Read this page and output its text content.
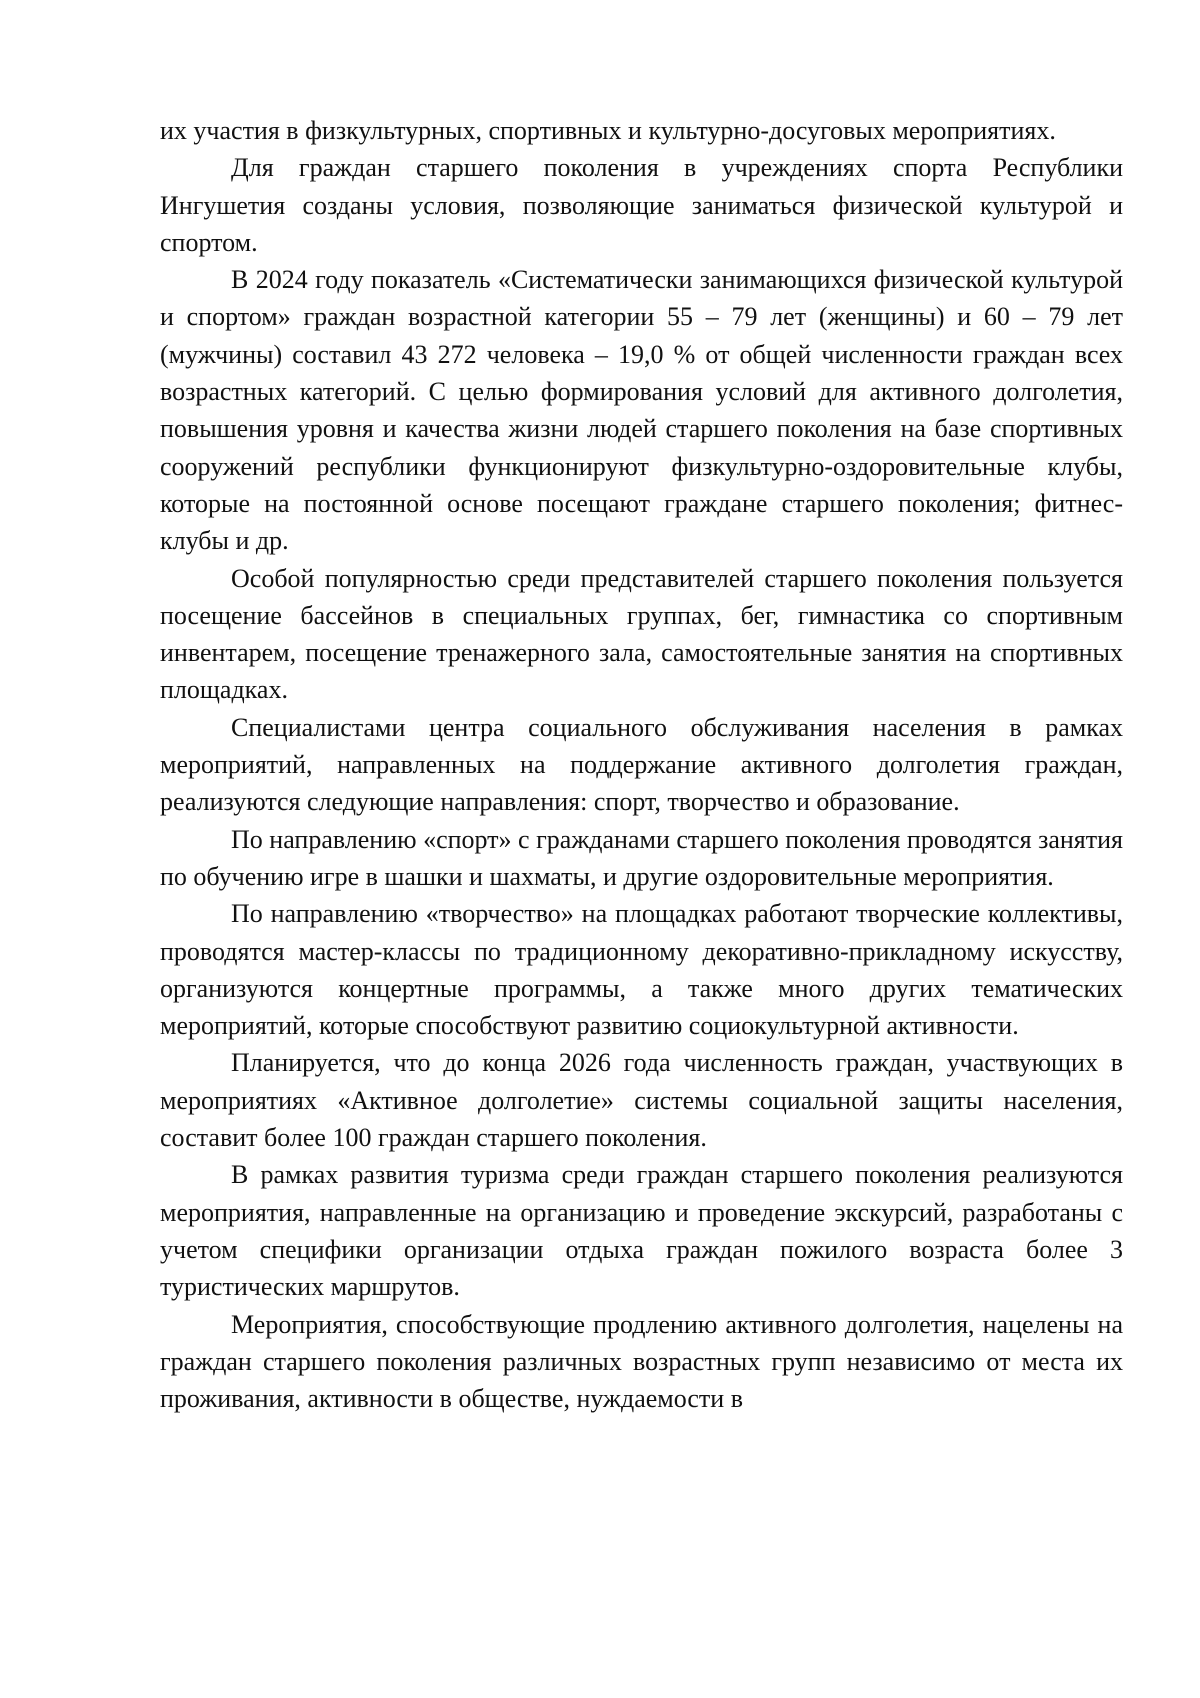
их участия в физкультурных, спортивных и культурно-досуговых мероприятиях.

Для граждан старшего поколения в учреждениях спорта Республики Ингушетия созданы условия, позволяющие заниматься физической культурой и спортом.

В 2024 году показатель «Систематически занимающихся физической культурой и спортом» граждан возрастной категории 55 – 79 лет (женщины) и 60 – 79 лет (мужчины) составил 43 272 человека – 19,0 % от общей численности граждан всех возрастных категорий. С целью формирования условий для активного долголетия, повышения уровня и качества жизни людей старшего поколения на базе спортивных сооружений республики функционируют физкультурно-оздоровительные клубы, которые на постоянной основе посещают граждане старшего поколения; фитнес-клубы и др.

Особой популярностью среди представителей старшего поколения пользуется посещение бассейнов в специальных группах, бег, гимнастика со спортивным инвентарем, посещение тренажерного зала, самостоятельные занятия на спортивных площадках.

Специалистами центра социального обслуживания населения в рамках мероприятий, направленных на поддержание активного долголетия граждан, реализуются следующие направления: спорт, творчество и образование.

По направлению «спорт» с гражданами старшего поколения проводятся занятия по обучению игре в шашки и шахматы, и другие оздоровительные мероприятия.

По направлению «творчество» на площадках работают творческие коллективы, проводятся мастер-классы по традиционному декоративно-прикладному искусству, организуются концертные программы, а также много других тематических мероприятий, которые способствуют развитию социокультурной активности.

Планируется, что до конца 2026 года численность граждан, участвующих в мероприятиях «Активное долголетие» системы социальной защиты населения, составит более 100 граждан старшего поколения.

В рамках развития туризма среди граждан старшего поколения реализуются мероприятия, направленные на организацию и проведение экскурсий, разработаны с учетом специфики организации отдыха граждан пожилого возраста более 3 туристических маршрутов.

Мероприятия, способствующие продлению активного долголетия, нацелены на граждан старшего поколения различных возрастных групп независимо от места их проживания, активности в обществе, нуждаемости в
